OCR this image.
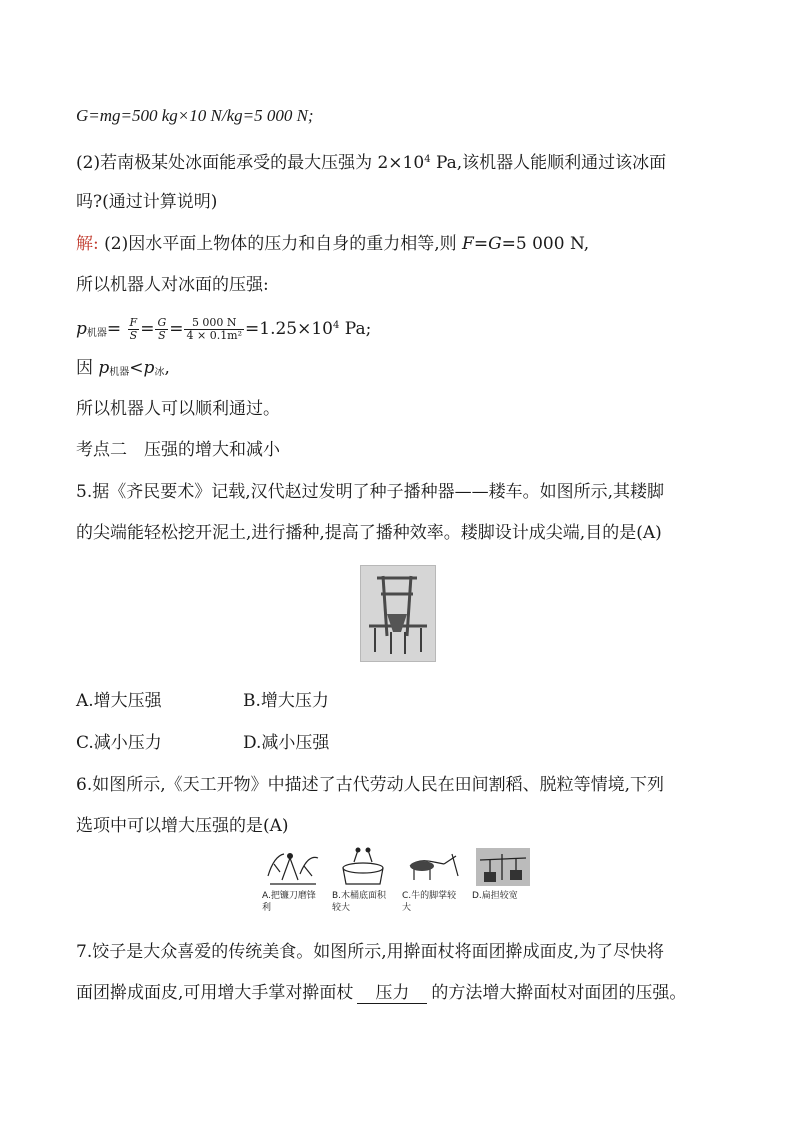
G=mg=500 kg×10 N/kg=5 000 N;
(2)若南极某处冰面能承受的最大压强为 $2\times 10^4$ Pa,该机器人能顺利通过该冰面
吗?(通过计算说明)
解: (2)因水平面上物体的压力和自身的重力相等,则 F=G=5 000 N,
所以机器人对冰面的压强:
$p_{机器}= \frac{F}{S} = \frac{G}{S} = \frac{5 000 N}{\text{4 × 0.1m²}} =1.25\times 10^4$ Pa;
因 $p_{机器}<p_冰$,
所以机器人可以顺利通过。
考点二　压强的增大和减小
5.据《齐民要术》记载,汉代赵过发明了种子播种器——耧车。如图所示,其耧脚
的尖端能轻松挖开泥土,进行播种,提高了播种效率。耧脚设计成尖端,目的是(A)
A.增大压强	B.增大压力
C.减小压力	D.减小压强
6.如图所示,《天工开物》中描述了古代劳动人民在田间割稻、脱粒等情境,下列
选项中可以增大压强的是(A)
A.把镰刀磨锋利
B.木桶底面积较大
C.牛的脚掌较大
D.扁担较宽
7.饺子是大众喜爱的传统美食。如图所示,用擀面杖将面团擀成面皮,为了尽快将
面团擀成面皮,可用增大手掌对擀面杖 压力 的方法增大擀面杖对面团的压强。
